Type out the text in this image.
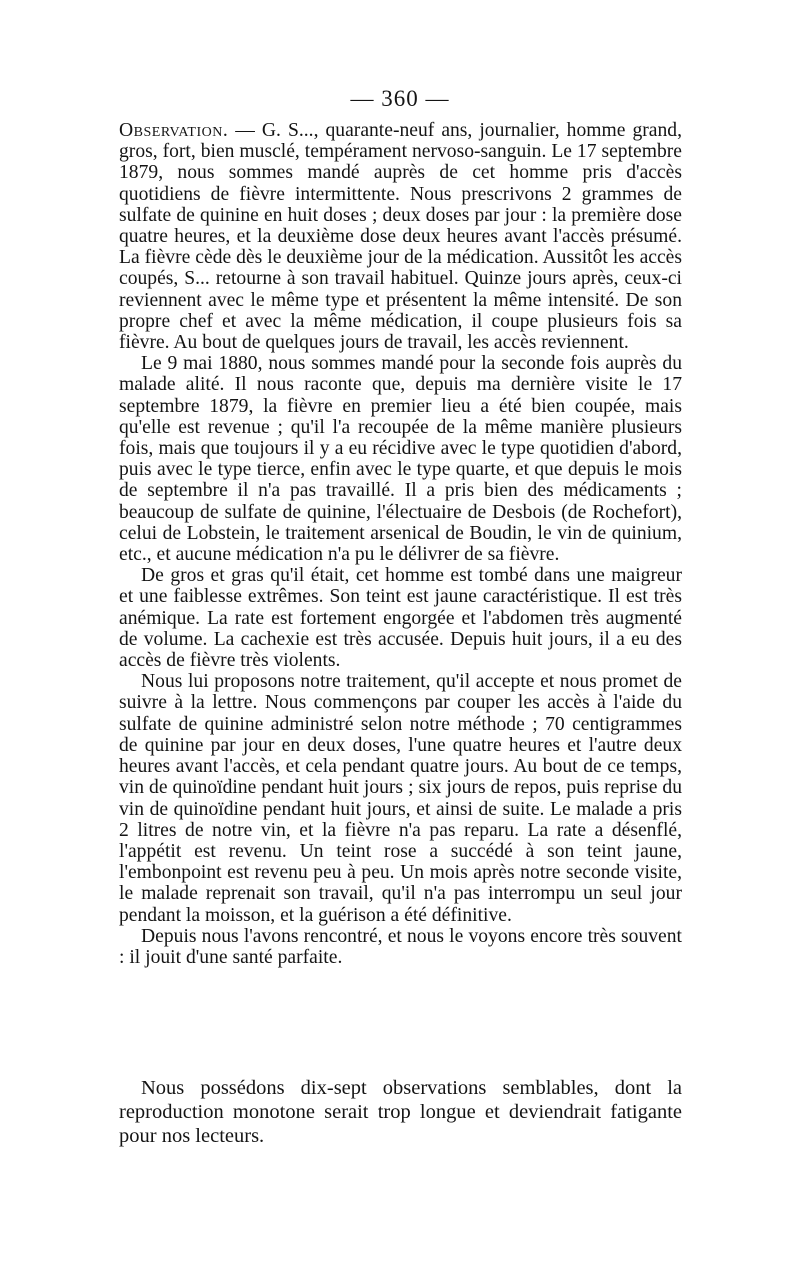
— 360 —

Observation. — G. S..., quarante-neuf ans, journalier, homme grand, gros, fort, bien musclé, tempérament nervoso-sanguin. Le 17 septembre 1879, nous sommes mandé auprès de cet homme pris d'accès quotidiens de fièvre intermittente. Nous prescrivons 2 grammes de sulfate de quinine en huit doses ; deux doses par jour : la première dose quatre heures, et la deuxième dose deux heures avant l'accès présumé. La fièvre cède dès le deuxième jour de la médication. Aussitôt les accès coupés, S... retourne à son travail habituel. Quinze jours après, ceux-ci reviennent avec le même type et présentent la même intensité. De son propre chef et avec la même médication, il coupe plusieurs fois sa fièvre. Au bout de quelques jours de travail, les accès reviennent.

Le 9 mai 1880, nous sommes mandé pour la seconde fois auprès du malade alité. Il nous raconte que, depuis ma dernière visite le 17 septembre 1879, la fièvre en premier lieu a été bien coupée, mais qu'elle est revenue ; qu'il l'a recoupée de la même manière plusieurs fois, mais que toujours il y a eu récidive avec le type quotidien d'abord, puis avec le type tierce, enfin avec le type quarte, et que depuis le mois de septembre il n'a pas travaillé. Il a pris bien des médicaments ; beaucoup de sulfate de quinine, l'électuaire de Desbois (de Rochefort), celui de Lobstein, le traitement arsenical de Boudin, le vin de quinium, etc., et aucune médication n'a pu le délivrer de sa fièvre.

De gros et gras qu'il était, cet homme est tombé dans une maigreur et une faiblesse extrêmes. Son teint est jaune caractéristique. Il est très anémique. La rate est fortement engorgée et l'abdomen très augmenté de volume. La cachexie est très accusée. Depuis huit jours, il a eu des accès de fièvre très violents.

Nous lui proposons notre traitement, qu'il accepte et nous promet de suivre à la lettre. Nous commençons par couper les accès à l'aide du sulfate de quinine administré selon notre méthode ; 70 centigrammes de quinine par jour en deux doses, l'une quatre heures et l'autre deux heures avant l'accès, et cela pendant quatre jours. Au bout de ce temps, vin de quinoïdine pendant huit jours ; six jours de repos, puis reprise du vin de quinoïdine pendant huit jours, et ainsi de suite. Le malade a pris 2 litres de notre vin, et la fièvre n'a pas reparu. La rate a désenflé, l'appétit est revenu. Un teint rose a succédé à son teint jaune, l'embonpoint est revenu peu à peu. Un mois après notre seconde visite, le malade reprenait son travail, qu'il n'a pas interrompu un seul jour pendant la moisson, et la guérison a été définitive.

Depuis nous l'avons rencontré, et nous le voyons encore très souvent : il jouit d'une santé parfaite.

Nous possédons dix-sept observations semblables, dont la reproduction monotone serait trop longue et deviendrait fatigante pour nos lecteurs.
